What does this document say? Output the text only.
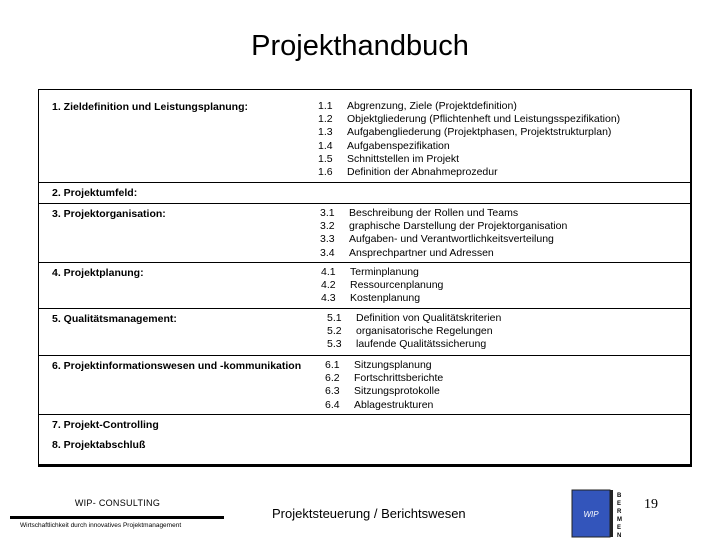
Projekthandbuch
1. Zieldefinition und Leistungsplanung:	1.1	Abgrenzung, Ziele (Projektdefinition)
1.2	Objektgliederung (Pflichtenheft und Leistungsspezifikation)
1.3	Aufgabengliederung (Projektphasen, Projektstrukturplan)
1.4	Aufgabenspezifikation
1.5	Schnittstellen im Projekt
1.6	Definition der Abnahmeprozedur
2. Projektumfeld:
3. Projektorganisation:	3.1	Beschreibung der Rollen und Teams
3.2	graphische Darstellung der Projektorganisation
3.3	Aufgaben- und Verantwortlichkeitsverteilung
3.4	Ansprechpartner und Adressen
4. Projektplanung:	4.1	Terminplanung
4.2	Ressourcenplanung
4.3	Kostenplanung
5. Qualitätsmanagement:	5.1	Definition von Qualitätskriterien
5.2	organisatorische Regelungen
5.3	laufende Qualitätssicherung
6. Projektinformationswesen und -kommunikation 6.1	Sitzungsplanung
6.2	Fortschrittsberichte
6.3	Sitzungsprotokolle
6.4	Ablagestrukturen
7. Projekt-Controlling
8. Projektabschluß
WIP- CONSULTING
Wirtschaftlichkeit durch innovatives Projektmanagement
Projektsteuerung / Berichtswesen	WIP
B E R M E N
19
